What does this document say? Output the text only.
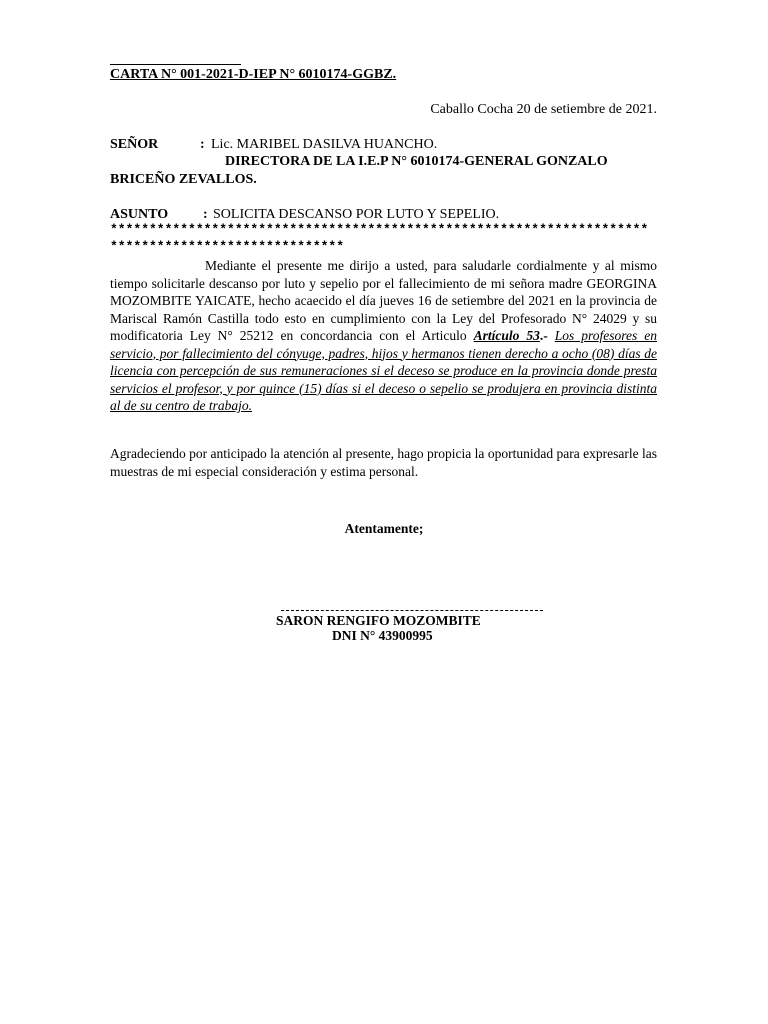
CARTA N° 001-2021-D-IEP N° 6010174-GGBZ.
Caballo Cocha 20 de setiembre de 2021.
SEÑOR	: Lic. MARIBEL DASILVA HUANCHO.
DIRECTORA DE LA I.E.P N° 6010174-GENERAL GONZALO
BRICEÑO ZEVALLOS.
ASUNTO : SOLICITA DESCANSO POR LUTO Y SEPELIO.
*********************************************************************
******************************
Mediante el presente me dirijo a usted, para saludarle cordialmente y al mismo tiempo solicitarle descanso por luto y sepelio por el fallecimiento de mi señora madre GEORGINA MOZOMBITE YAICATE, hecho acaecido el día jueves 16 de setiembre del 2021 en la provincia de Mariscal Ramón Castilla todo esto en cumplimiento con la Ley del Profesorado N° 24029 y su modificatoria Ley N° 25212 en concordancia con el Articulo Artículo 53.- Los profesores en servicio, por fallecimiento del cónyuge, padres, hijos y hermanos tienen derecho a ocho (08) días de licencia con percepción de sus remuneraciones si el deceso se produce en la provincia donde presta servicios el profesor, y por quince (15) días si el deceso o sepelio se produjera en provincia distinta al de su centro de trabajo.
Agradeciendo por anticipado la atención al presente, hago propicia la oportunidad para expresarle las muestras de mi especial consideración y estima personal.
Atentamente;
SARON RENGIFO MOZOMBITE
DNI N° 43900995
